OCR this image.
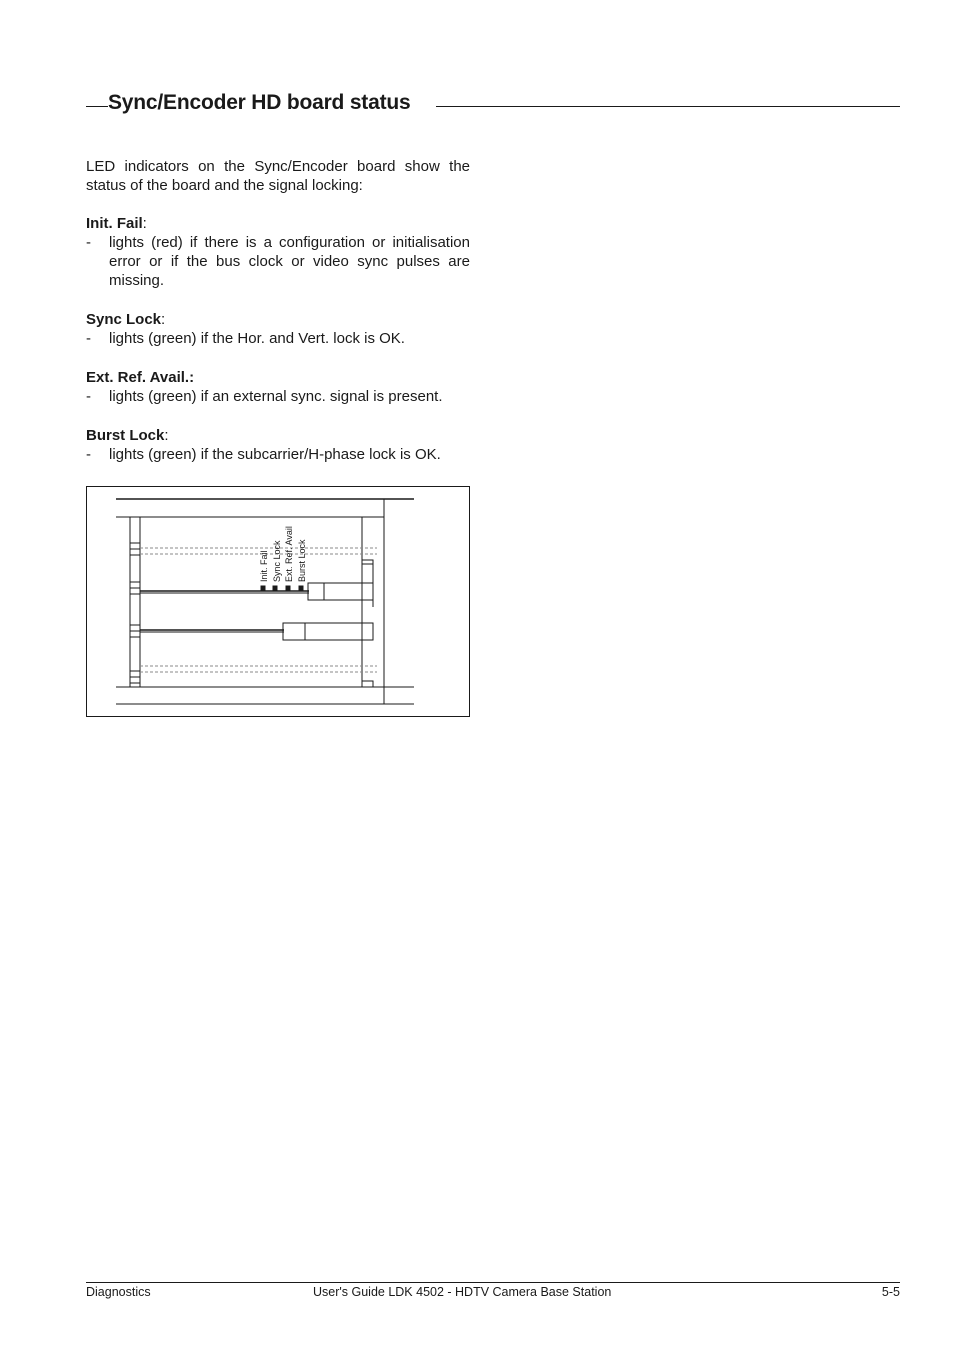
Sync/Encoder HD board status
LED indicators on the Sync/Encoder board show the status of the board and the signal locking:
Init. Fail:
- lights (red) if there is a configuration or initialisation error or if the bus clock or video sync pulses are missing.
Sync Lock:
- lights (green) if the Hor. and Vert. lock is OK.
Ext. Ref. Avail.:
- lights (green) if an external sync. signal is present.
Burst Lock:
- lights (green) if the subcarrier/H-phase lock is OK.
Init. Fail Sync Lock Ext. Ref. Avail Burst Lock
Diagnostics	User's Guide LDK 4502 - HDTV Camera Base Station	5-5
